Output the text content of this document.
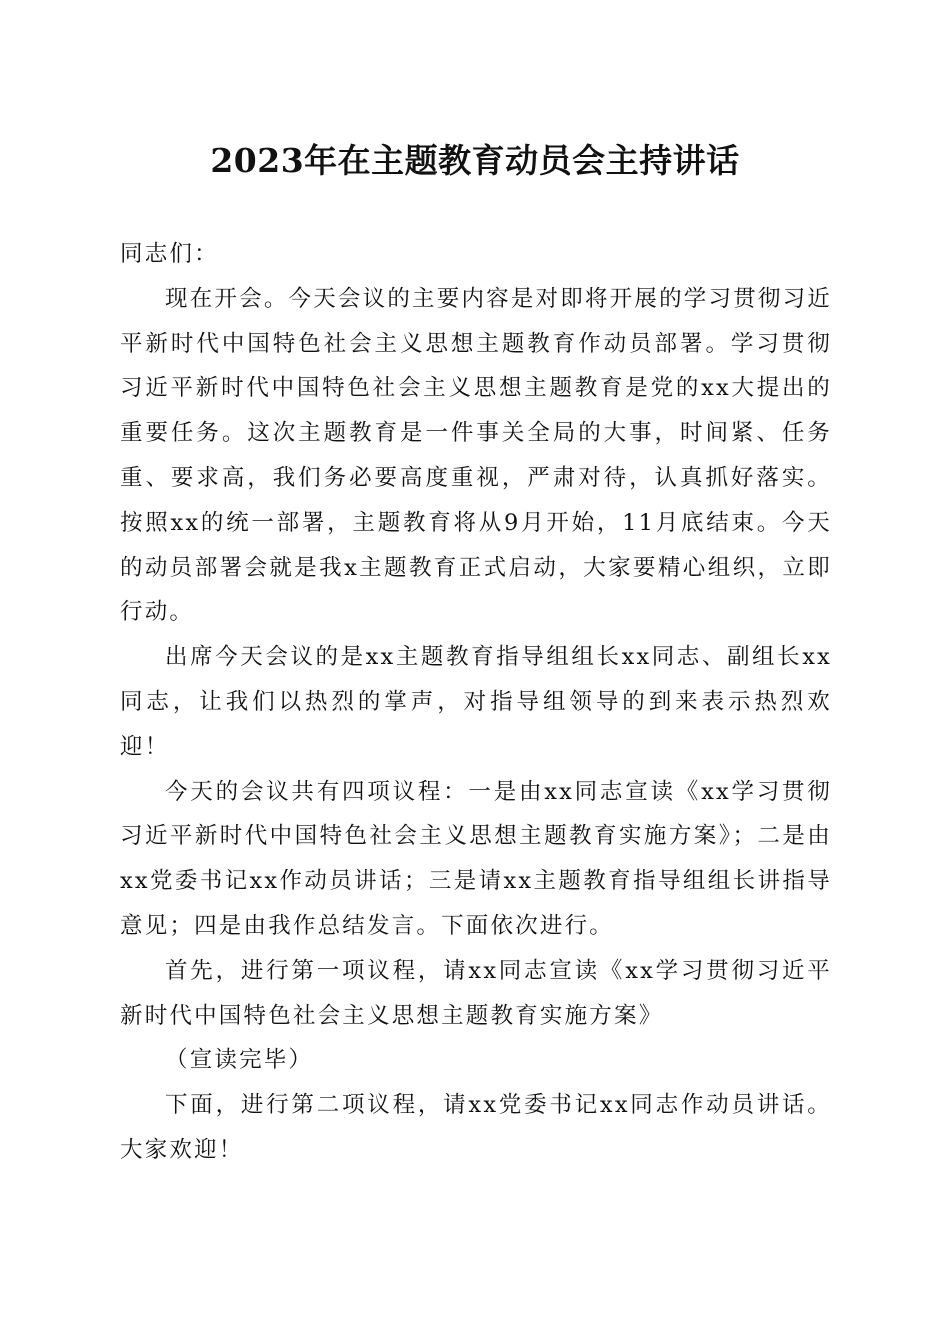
2023年在主题教育动员会主持讲话

同志们：

现在开会。今天会议的主要内容是对即将开展的学习贯彻习近平新时代中国特色社会主义思想主题教育作动员部署。学习贯彻习近平新时代中国特色社会主义思想主题教育是党的xx大提出的重要任务。这次主题教育是一件事关全局的大事，时间紧、任务重、要求高，我们务必要高度重视，严肃对待，认真抓好落实。按照xx的统一部署，主题教育将从9月开始，11月底结束。今天的动员部署会就是我x主题教育正式启动，大家要精心组织，立即行动。

出席今天会议的是xx主题教育指导组组长xx同志、副组长xx同志，让我们以热烈的掌声，对指导组领导的到来表示热烈欢迎！

今天的会议共有四项议程：一是由xx同志宣读《xx学习贯彻习近平新时代中国特色社会主义思想主题教育实施方案》；二是由xx党委书记xx作动员讲话；三是请xx主题教育指导组组长讲指导意见；四是由我作总结发言。下面依次进行。

首先，进行第一项议程，请xx同志宣读《xx学习贯彻习近平新时代中国特色社会主义思想主题教育实施方案》

（宣读完毕）

下面，进行第二项议程，请xx党委书记xx同志作动员讲话。大家欢迎！
